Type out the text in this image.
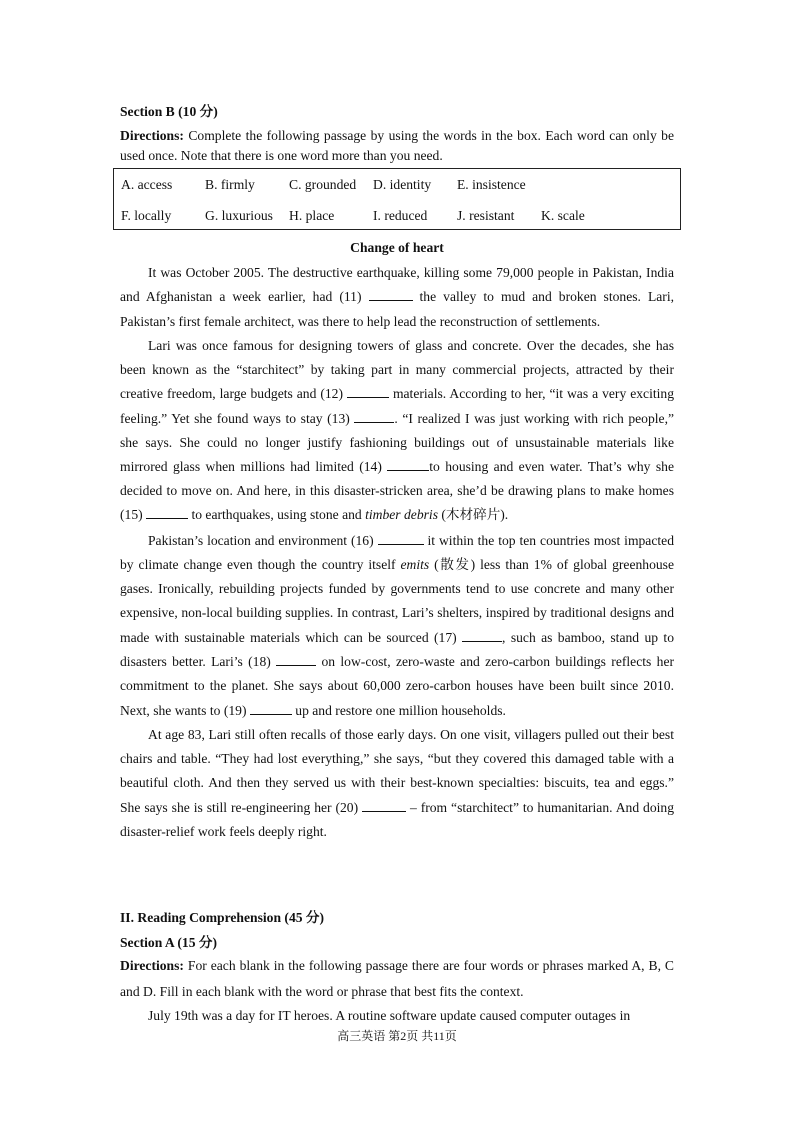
Section B (10 分)
Directions: Complete the following passage by using the words in the box. Each word can only be used once. Note that there is one word more than you need.
A. access B. firmly	C. grounded D. identity E. insistence
F. locally G. luxurious H. place	I. reduced J. resistant K. scale
Change of heart

It was October 2005. The destructive earthquake, killing some 79,000 people in Pakistan, India and Afghanistan a week earlier, had (11)	the valley to mud and broken stones. Lari, Pakistan’s first female architect, was there to help lead the reconstruction of settlements.

Lari was once famous for designing towers of glass and concrete. Over the decades, she has been known as the “starchitect” by taking part in many commercial projects, attracted by their creative freedom, large budgets and (12)	materials. According to her, “it was a very exciting feeling.” Yet she found ways to stay (13)	. “I realized I was just working with rich people,” she says. She could no longer justify fashioning buildings out of unsustainable materials like mirrored glass when millions had limited (14)	to housing and even water. That’s why she decided to move on. And here, in this disaster-stricken area, she’d be drawing plans to make homes (15)	to earthquakes, using stone and timber debris (木材碎片).

Pakistan’s location and environment (16)	it within the top ten countries most impacted by climate change even though the country itself emits (散发) less than 1% of global greenhouse gases. Ironically, rebuilding projects funded by governments tend to use concrete and many other expensive, non-local building supplies. In contrast, Lari’s shelters, inspired by traditional designs and made with sustainable materials which can be sourced (17)	, such as bamboo, stand up to disasters better. Lari’s (18)	on low-cost, zero-waste and zero-carbon buildings reflects her commitment to the planet. She says about 60,000 zero-carbon houses have been built since 2010. Next, she wants to (19)	up and restore one million households.

At age 83, Lari still often recalls of those early days. On one visit, villagers pulled out their best chairs and table. “They had lost everything,” she says, “but they covered this damaged table with a beautiful cloth. And then they served us with their best-known specialties: biscuits, tea and eggs.” She says she is still re-engineering her (20)	– from “starchitect” to humanitarian. And doing disaster-relief work feels deeply right.

II. Reading Comprehension (45 分)
Section A (15 分)
Directions: For each blank in the following passage there are four words or phrases marked A, B, C and D. Fill in each blank with the word or phrase that best fits the context.
July 19th was a day for IT heroes. A routine software update caused computer outages in
高三英语 第2页 共11页
